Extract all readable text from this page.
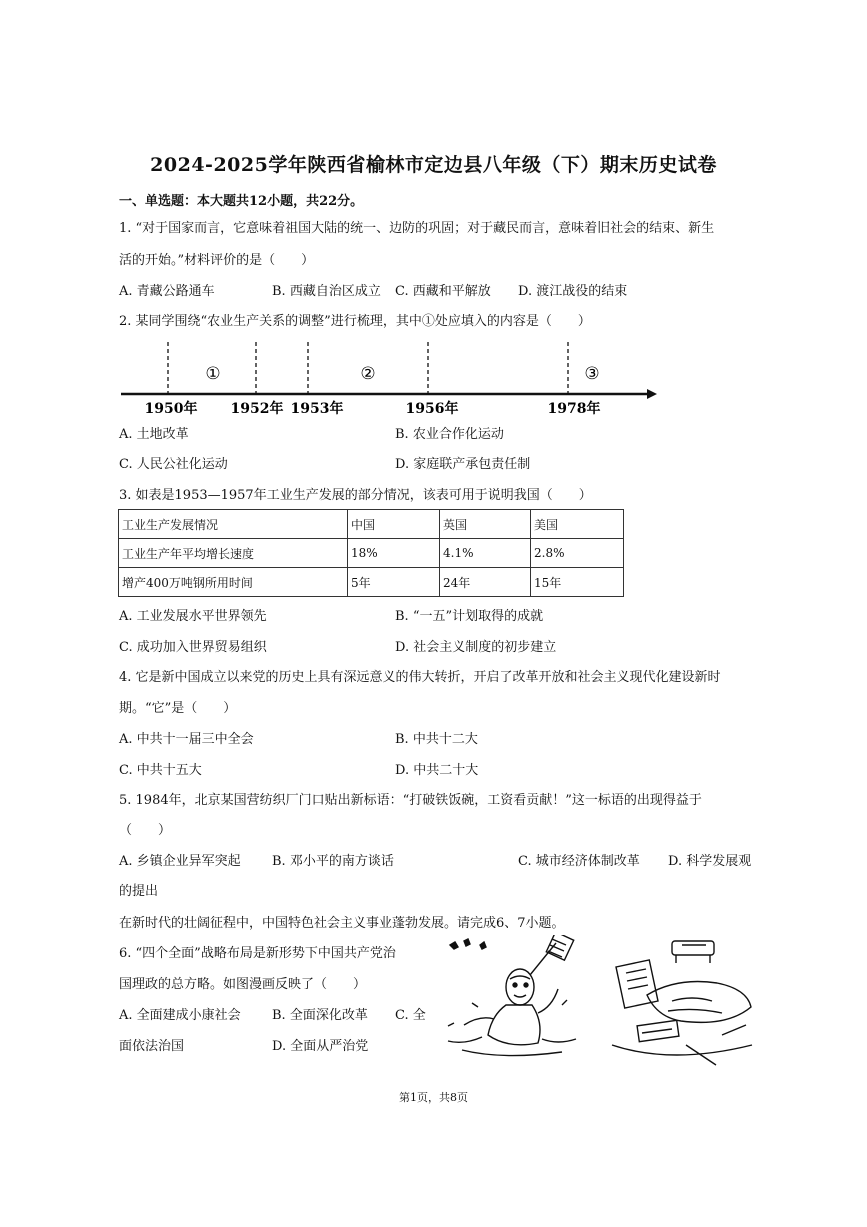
2024-2025学年陕西省榆林市定边县八年级（下）期末历史试卷
一、单选题：本大题共12小题，共22分。
1. “对于国家而言，它意味着祖国大陆的统一、边防的巩固；对于藏民而言，意味着旧社会的结束、新生
活的开始。”材料评价的是（　　）
A. 青藏公路通车	B. 西藏自治区成立 C. 西藏和平解放 D. 渡江战役的结束
2. 某同学围绕“农业生产关系的调整”进行梳理，其中①处应填入的内容是（　　）
①	②	③
1950年 1952年 1953年	1956年	1978年
A. 土地改革	B. 农业合作化运动
C. 人民公社化运动	D. 家庭联产承包责任制
3. 如表是1953—1957年工业生产发展的部分情况，该表可用于说明我国（　　）
工业生产发展情况	中国	英国	美国
工业生产年平均增长速度	18%	4.1%	2.8%
增产400万吨钢所用时间	5年	24年	15年
A. 工业发展水平世界领先	B. “一五”计划取得的成就
C. 成功加入世界贸易组织	D. 社会主义制度的初步建立
4. 它是新中国成立以来党的历史上具有深远意义的伟大转折，开启了改革开放和社会主义现代化建设新时
期。“它”是（　　）
A. 中共十一届三中全会	B. 中共十二大
C. 中共十五大	D. 中共二十大
5. 1984年，北京某国营纺织厂门口贴出新标语：“打破铁饭碗，工资看贡献！”这一标语的出现得益于
（　　）
A. 乡镇企业异军突起 B. 邓小平的南方谈话	C. 城市经济体制改革 D. 科学发展观
的提出
在新时代的壮阔征程中，中国特色社会主义事业蓬勃发展。请完成6、7小题。
6. “四个全面”战略布局是新形势下中国共产党治
国理政的总方略。如图漫画反映了（　　）
A. 全面建成小康社会 B. 全面深化改革 C. 全
面依法治国	D. 全面从严治党
第1页，共8页
